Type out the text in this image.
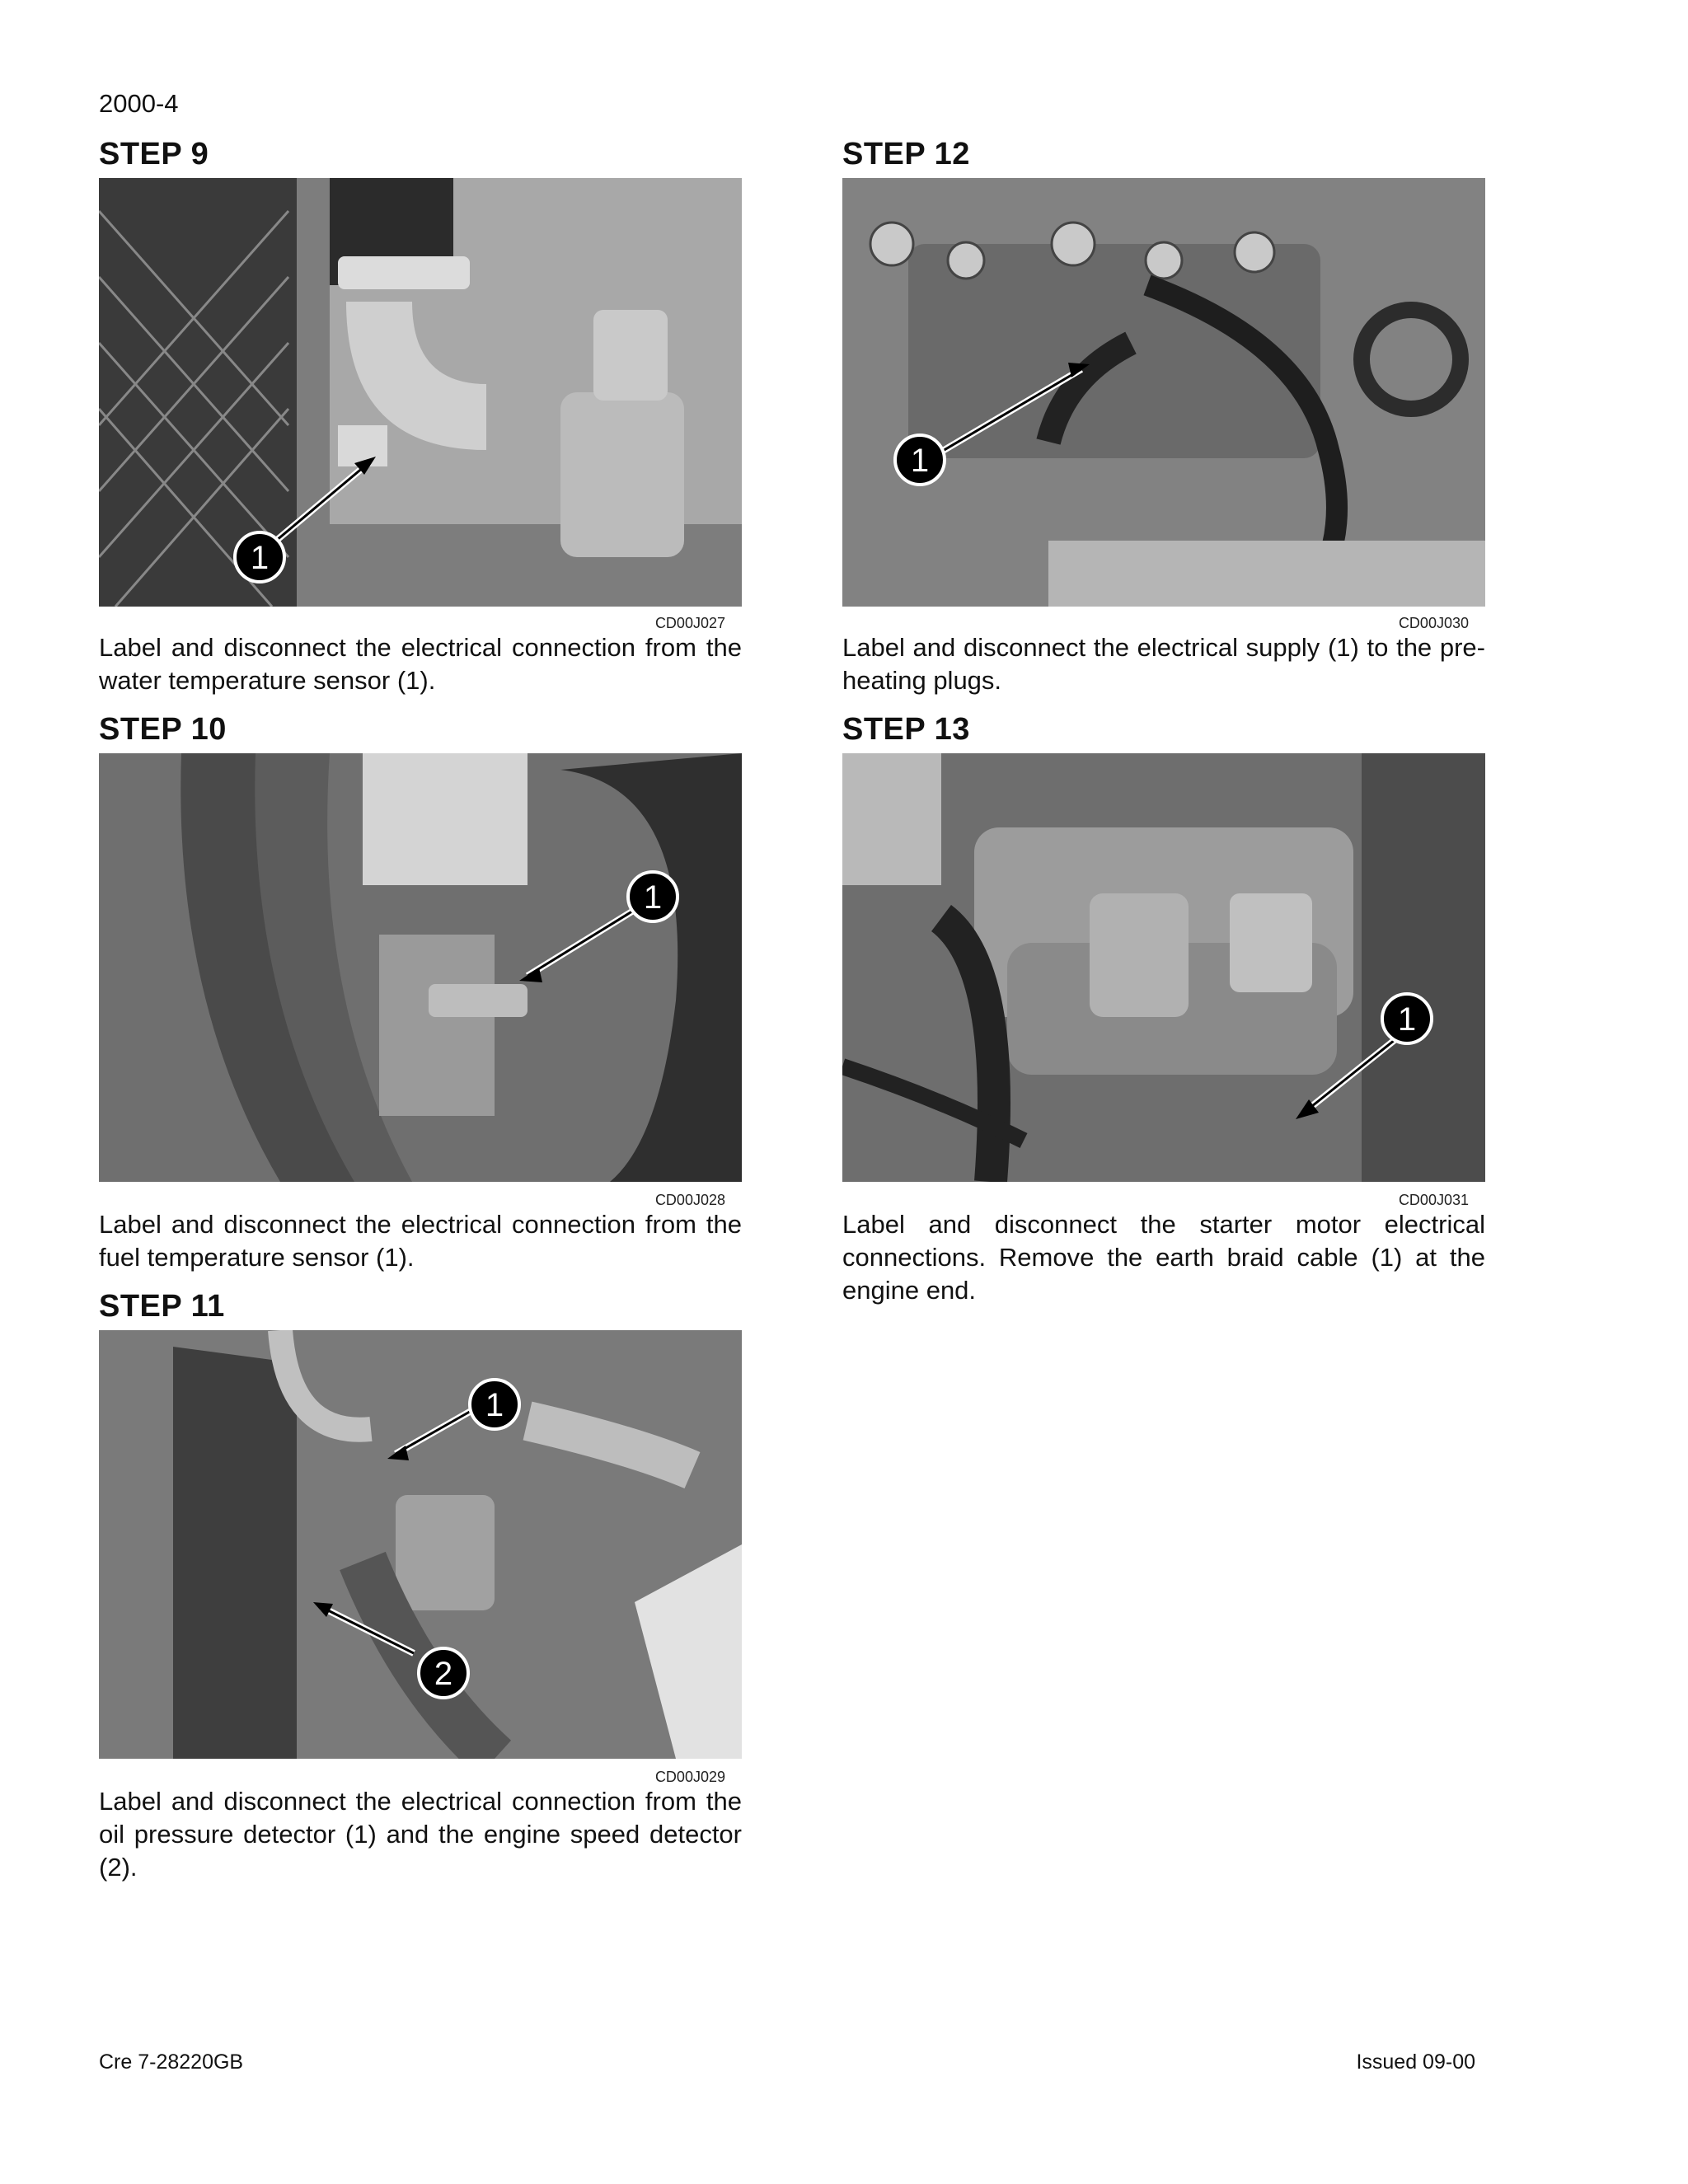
2000-4
STEP 9
1
CD00J027
Label and disconnect the electrical connection from the water temperature sensor (1).
STEP 10
1
CD00J028
Label and disconnect the electrical connection from the fuel temperature sensor (1).
STEP 11
1
2
CD00J029
Label and disconnect the electrical connection from the oil pressure detector (1) and the engine speed detector (2).
STEP 12
1
CD00J030
Label and disconnect the electrical supply (1) to the pre-heating plugs.
STEP 13
1
CD00J031
Label and disconnect the starter motor electrical connections. Remove the earth braid cable (1) at the engine end.
Cre 7-28220GB	Issued 09-00
